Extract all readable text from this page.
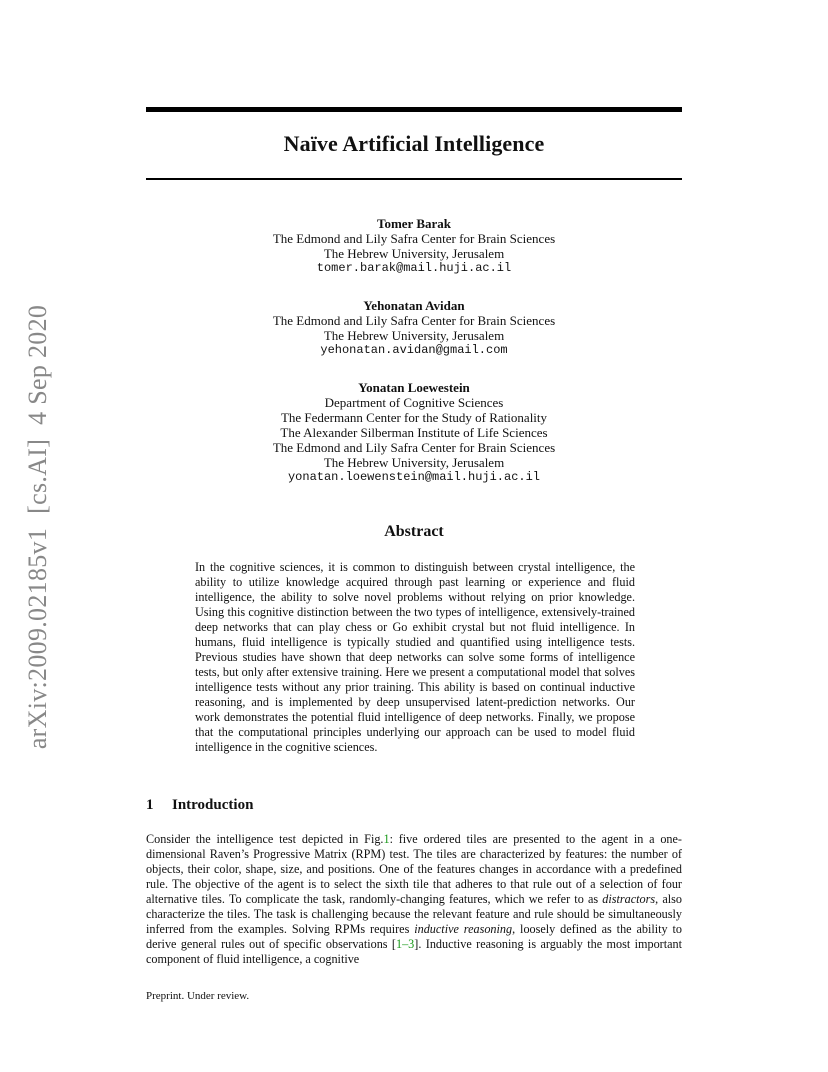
arXiv:2009.02185v1[cs.AI]4 Sep 2020
Naïve Artificial Intelligence
Tomer Barak
The Edmond and Lily Safra Center for Brain Sciences
The Hebrew University, Jerusalem
tomer.barak@mail.huji.ac.il
Yehonatan Avidan
The Edmond and Lily Safra Center for Brain Sciences
The Hebrew University, Jerusalem
yehonatan.avidan@gmail.com
Yonatan Loewestein
Department of Cognitive Sciences
The Federmann Center for the Study of Rationality
The Alexander Silberman Institute of Life Sciences
The Edmond and Lily Safra Center for Brain Sciences
The Hebrew University, Jerusalem
yonatan.loewenstein@mail.huji.ac.il
Abstract
In the cognitive sciences, it is common to distinguish between crystal intelligence, the ability to utilize knowledge acquired through past learning or experience and fluid intelligence, the ability to solve novel problems without relying on prior knowledge. Using this cognitive distinction between the two types of intelligence, extensively-trained deep networks that can play chess or Go exhibit crystal but not fluid intelligence. In humans, fluid intelligence is typically studied and quantified using intelligence tests. Previous studies have shown that deep networks can solve some forms of intelligence tests, but only after extensive training. Here we present a computational model that solves intelligence tests without any prior training. This ability is based on continual inductive reasoning, and is implemented by deep unsupervised latent-prediction networks. Our work demonstrates the potential fluid intelligence of deep networks. Finally, we propose that the computational principles underlying our approach can be used to model fluid intelligence in the cognitive sciences.
1 Introduction
Consider the intelligence test depicted in Fig.1: five ordered tiles are presented to the agent in a one-dimensional Raven’s Progressive Matrix (RPM) test. The tiles are characterized by features: the number of objects, their color, shape, size, and positions. One of the features changes in accordance with a predefined rule. The objective of the agent is to select the sixth tile that adheres to that rule out of a selection of four alternative tiles. To complicate the task, randomly-changing features, which we refer to as distractors, also characterize the tiles. The task is challenging because the relevant feature and rule should be simultaneously inferred from the examples. Solving RPMs requires inductive reasoning, loosely defined as the ability to derive general rules out of specific observations [1–3]. Inductive reasoning is arguably the most important component of fluid intelligence, a cognitive
Preprint. Under review.
